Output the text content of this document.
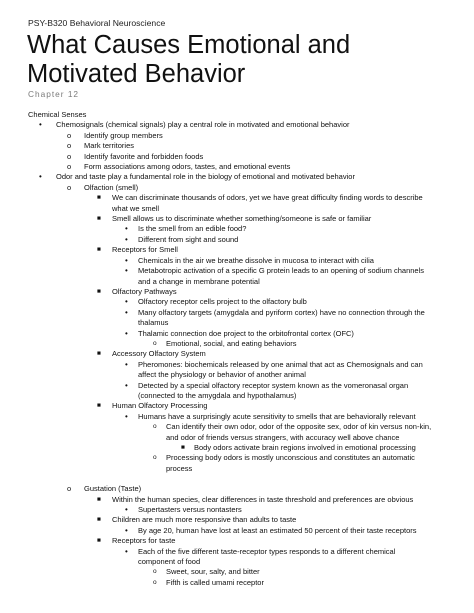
PSY-B320 Behavioral Neuroscience
What Causes Emotional and Motivated Behavior
Chapter 12
Chemical Senses
• Chemosignals (chemical signals) play a central role in motivated and emotional behavior
o Identify group members
o Mark territories
o Identify favorite and forbidden foods
o Form associations among odors, tastes, and emotional events
• Odor and taste play a fundamental role in the biology of emotional and motivated behavior
o Olfaction (smell)
■ We can discriminate thousands of odors, yet we have great difficulty finding words to describe
what we smell
■ Smell allows us to discriminate whether something/someone is safe or familiar
• Is the smell from an edible food?
• Different from sight and sound
■ Receptors for Smell
• Chemicals in the air we breathe dissolve in mucosa to interact with cilia
• Metabotropic activation of a specific G protein leads to an opening of sodium channels
and a change in membrane potential
■ Olfactory Pathways
• Olfactory receptor cells project to the olfactory bulb
• Many olfactory targets (amygdala and pyriform cortex) have no connection through the
thalamus
• Thalamic connection doe project to the orbitofrontal cortex (OFC)
o Emotional, social, and eating behaviors
■ Accessory Olfactory System
• Pheromones: biochemicals released by one animal that act as Chemosignals and can
affect the physiology or behavior of another animal
• Detected by a special olfactory receptor system known as the vomeronasal organ
(connected to the amygdala and hypothalamus)
■ Human Olfactory Processing
• Humans have a surprisingly acute sensitivity to smells that are behaviorally relevant
o Can identify their own odor, odor of the opposite sex, odor of kin versus non-kin,
and odor of friends versus strangers, with accuracy well above chance
■ Body odors activate brain regions involved in emotional processing
o Processing body odors is mostly unconscious and constitutes an automatic
process
o Gustation (Taste)
■ Within the human species, clear differences in taste threshold and preferences are obvious
• Supertasters versus nontasters
■ Children are much more responsive than adults to taste
• By age 20, human have lost at least an estimated 50 percent of their taste receptors
■ Receptors for taste
• Each of the five different taste-receptor types responds to a different chemical
component of food
o Sweet, sour, salty, and bitter
o Fifth is called umami receptor
